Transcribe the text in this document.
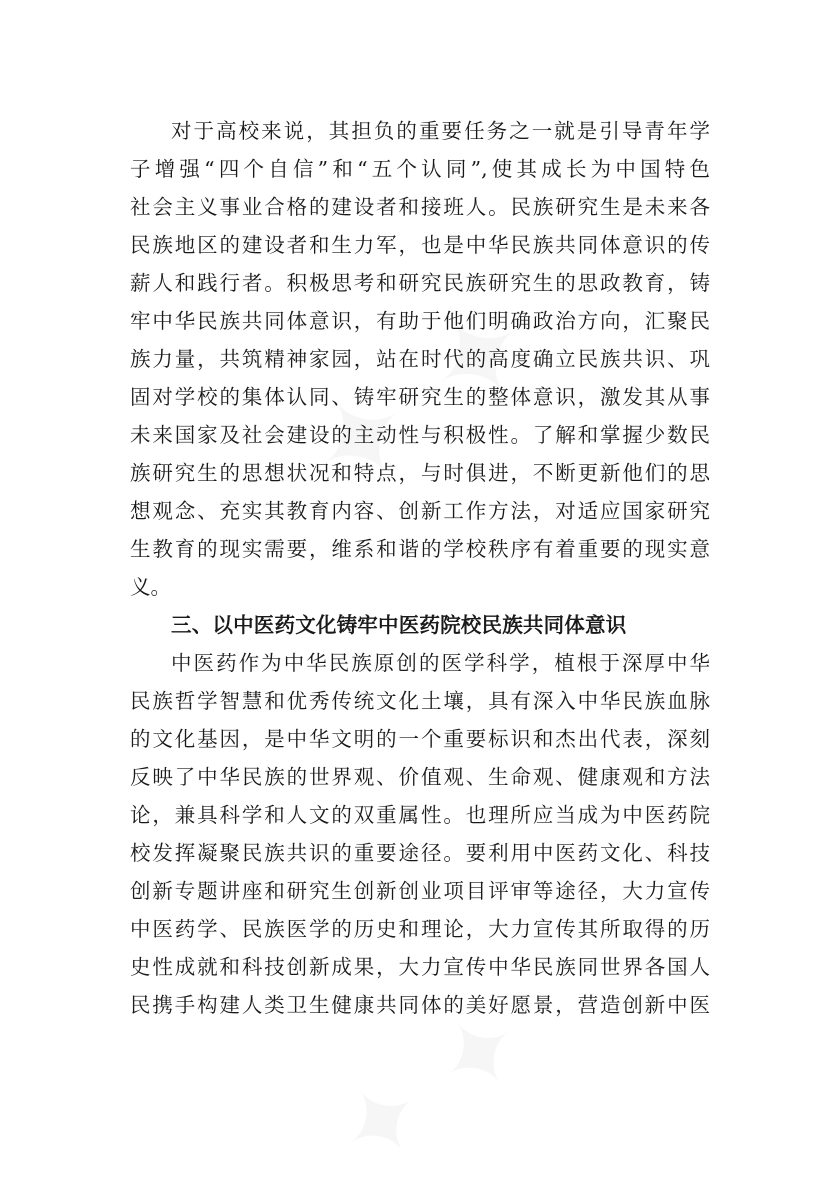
对于高校来说，其担负的重要任务之一就是引导青年学
子增强“四个自信”和“五个认同”,使其成长为中国特色
社会主义事业合格的建设者和接班人。民族研究生是未来各
民族地区的建设者和生力军，也是中华民族共同体意识的传
薪人和践行者。积极思考和研究民族研究生的思政教育，铸
牢中华民族共同体意识，有助于他们明确政治方向，汇聚民
族力量，共筑精神家园，站在时代的高度确立民族共识、巩
固对学校的集体认同、铸牢研究生的整体意识，激发其从事
未来国家及社会建设的主动性与积极性。了解和掌握少数民
族研究生的思想状况和特点，与时俱进，不断更新他们的思
想观念、充实其教育内容、创新工作方法，对适应国家研究
生教育的现实需要，维系和谐的学校秩序有着重要的现实意
义。
三、以中医药文化铸牢中医药院校民族共同体意识
中医药作为中华民族原创的医学科学，植根于深厚中华
民族哲学智慧和优秀传统文化土壤，具有深入中华民族血脉
的文化基因，是中华文明的一个重要标识和杰出代表，深刻
反映了中华民族的世界观、价值观、生命观、健康观和方法
论，兼具科学和人文的双重属性。也理所应当成为中医药院
校发挥凝聚民族共识的重要途径。要利用中医药文化、科技
创新专题讲座和研究生创新创业项目评审等途径，大力宣传
中医药学、民族医学的历史和理论，大力宣传其所取得的历
史性成就和科技创新成果，大力宣传中华民族同世界各国人
民携手构建人类卫生健康共同体的美好愿景，营造创新中医
